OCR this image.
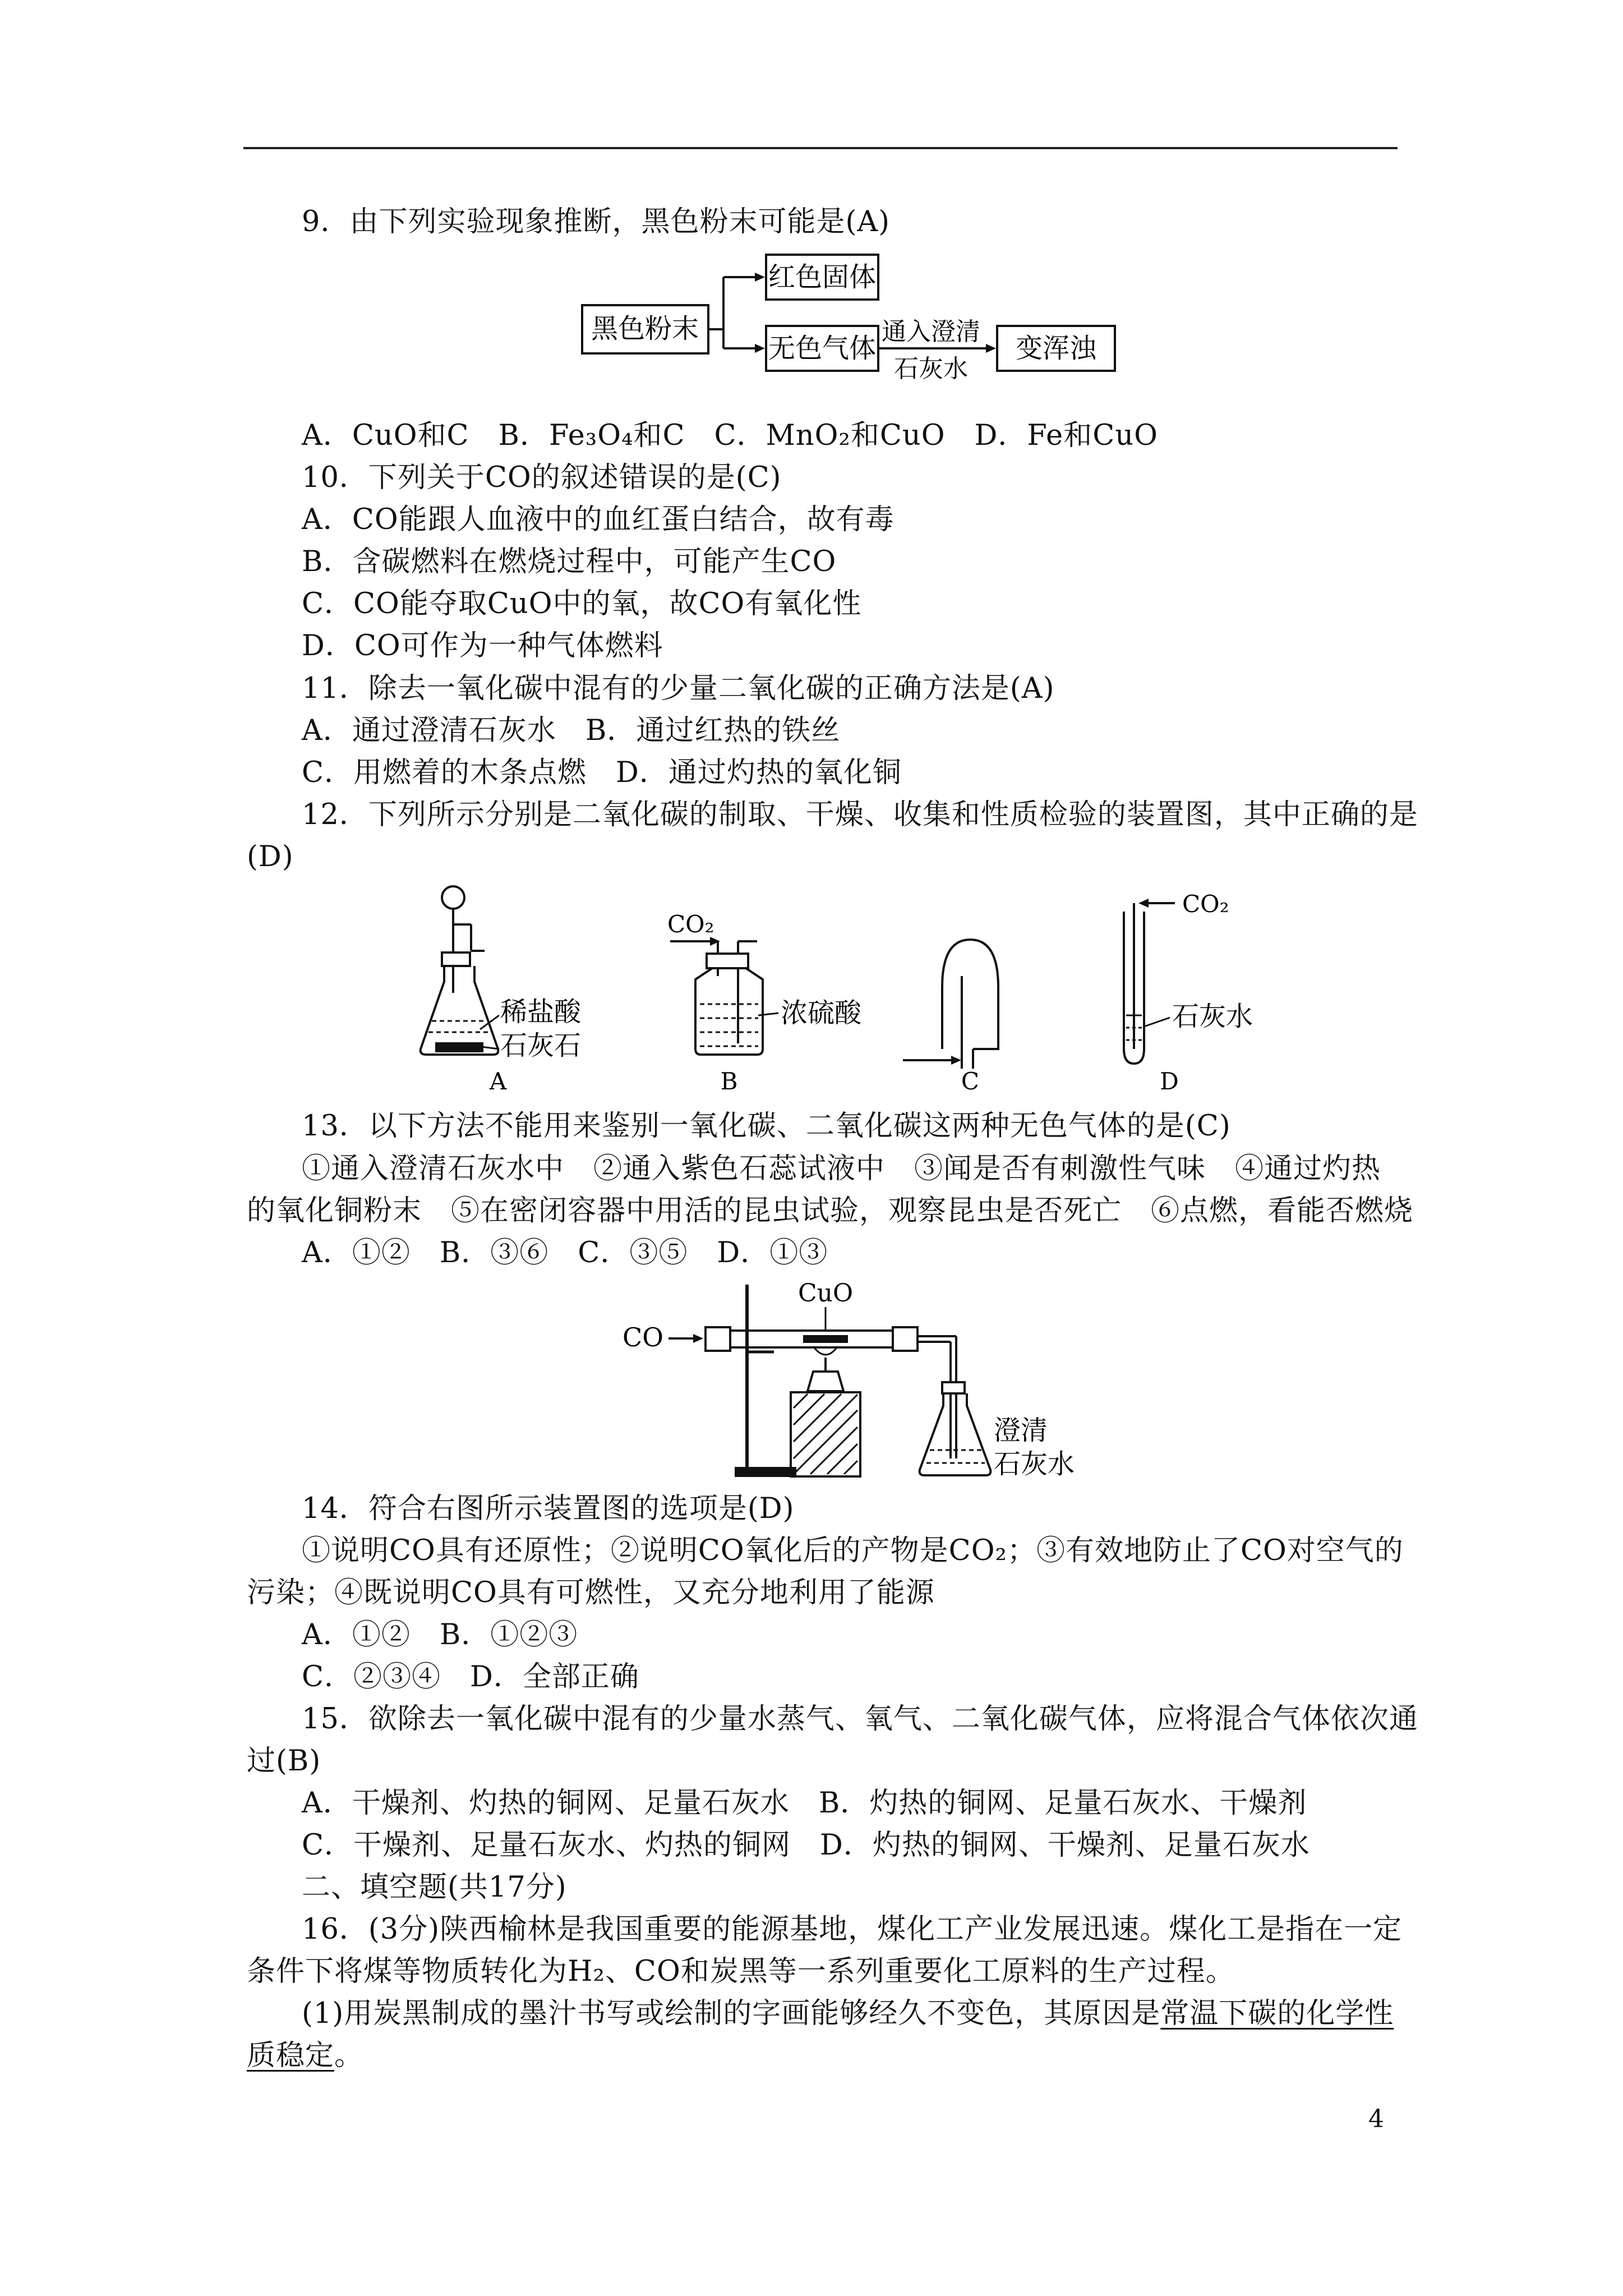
9．由下列实验现象推断，黑色粉末可能是(A)
黑色粉末
红色固体
无色气体
通入澄清
石灰水
变浑浊
A．CuO和C　B．Fe₃O₄和C　C．MnO₂和CuO　D．Fe和CuO
10．下列关于CO的叙述错误的是(C)
A．CO能跟人血液中的血红蛋白结合，故有毒
B．含碳燃料在燃烧过程中，可能产生CO
C．CO能夺取CuO中的氧，故CO有氧化性
D．CO可作为一种气体燃料
11．除去一氧化碳中混有的少量二氧化碳的正确方法是(A)
A．通过澄清石灰水　B．通过红热的铁丝
C．用燃着的木条点燃　D．通过灼热的氧化铜
12．下列所示分别是二氧化碳的制取、干燥、收集和性质检验的装置图，其中正确的是
(D)
稀盐酸
石灰石
A
CO₂
浓硫酸
B	C
CO₂
石灰水
D
13．以下方法不能用来鉴别一氧化碳、二氧化碳这两种无色气体的是(C)
①通入澄清石灰水中　②通入紫色石蕊试液中　③闻是否有刺激性气味　④通过灼热
的氧化铜粉末　⑤在密闭容器中用活的昆虫试验，观察昆虫是否死亡　⑥点燃，看能否燃烧
A．①②　B．③⑥　C．③⑤　D．①③
CO
CuO
澄清
石灰水
14．符合右图所示装置图的选项是(D)
①说明CO具有还原性；②说明CO氧化后的产物是CO₂；③有效地防止了CO对空气的
污染；④既说明CO具有可燃性，又充分地利用了能源
A．①②　B．①②③
C．②③④　D．全部正确
15．欲除去一氧化碳中混有的少量水蒸气、氧气、二氧化碳气体，应将混合气体依次通
过(B)
A．干燥剂、灼热的铜网、足量石灰水　B．灼热的铜网、足量石灰水、干燥剂
C．干燥剂、足量石灰水、灼热的铜网　D．灼热的铜网、干燥剂、足量石灰水
二、填空题(共17分)
16．(3分)陕西榆林是我国重要的能源基地，煤化工产业发展迅速。煤化工是指在一定
条件下将煤等物质转化为H₂、CO和炭黑等一系列重要化工原料的生产过程。
(1)用炭黑制成的墨汁书写或绘制的字画能够经久不变色，其原因是常温下碳的化学性
质稳定。
4
